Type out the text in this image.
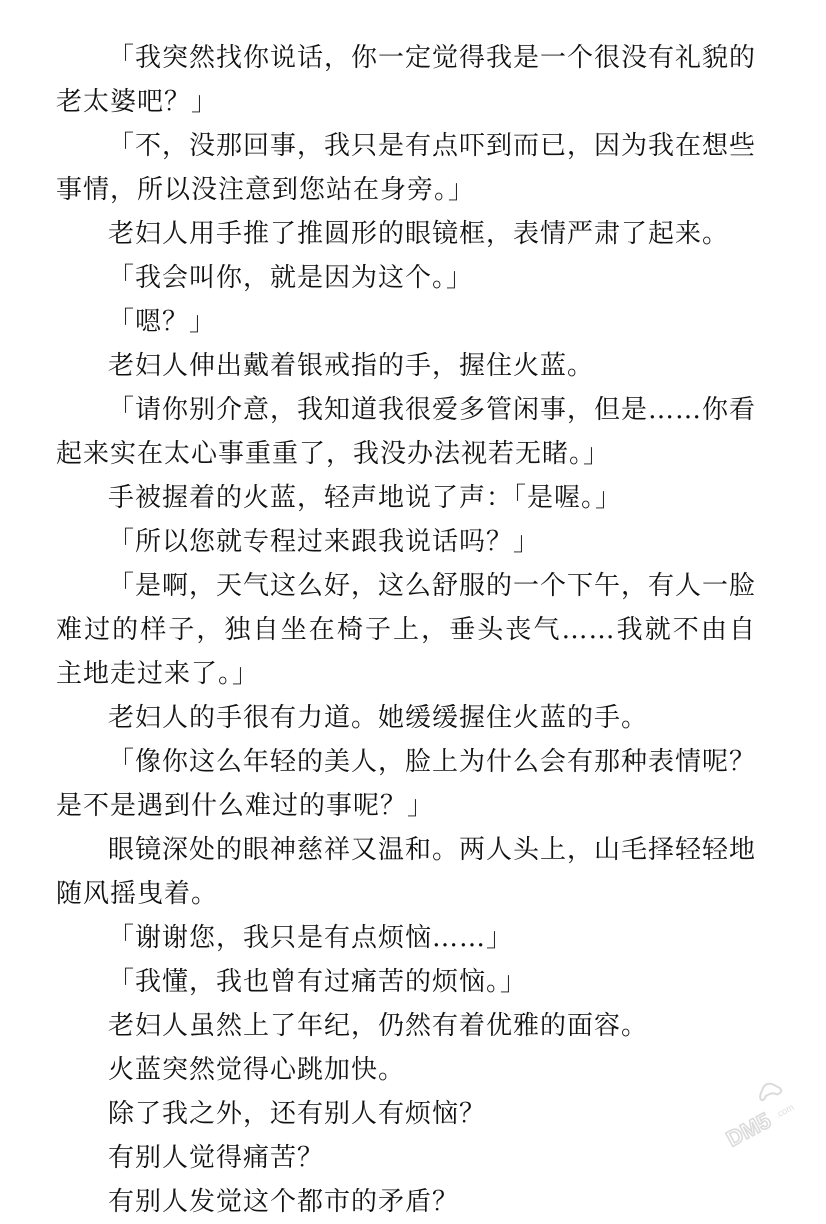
「我突然找你说话，你一定觉得我是一个很没有礼貌的老太婆吧？」

「不，没那回事，我只是有点吓到而已，因为我在想些事情，所以没注意到您站在身旁。」

老妇人用手推了推圆形的眼镜框，表情严肃了起来。

「我会叫你，就是因为这个。」

「嗯？」

老妇人伸出戴着银戒指的手，握住火蓝。

「请你别介意，我知道我很爱多管闲事，但是……你看起来实在太心事重重了，我没办法视若无睹。」

手被握着的火蓝，轻声地说了声：「是喔。」

「所以您就专程过来跟我说话吗？」

「是啊，天气这么好，这么舒服的一个下午，有人一脸难过的样子，独自坐在椅子上，垂头丧气……我就不由自主地走过来了。」

老妇人的手很有力道。她缓缓握住火蓝的手。

「像你这么年轻的美人，脸上为什么会有那种表情呢？是不是遇到什么难过的事呢？」

眼镜深处的眼神慈祥又温和。两人头上，山毛择轻轻地随风摇曳着。

「谢谢您，我只是有点烦恼……」

「我懂，我也曾有过痛苦的烦恼。」

老妇人虽然上了年纪，仍然有着优雅的面容。

火蓝突然觉得心跳加快。

除了我之外，还有别人有烦恼？

有别人觉得痛苦？

有别人发觉这个都市的矛盾？

DM5
.com
